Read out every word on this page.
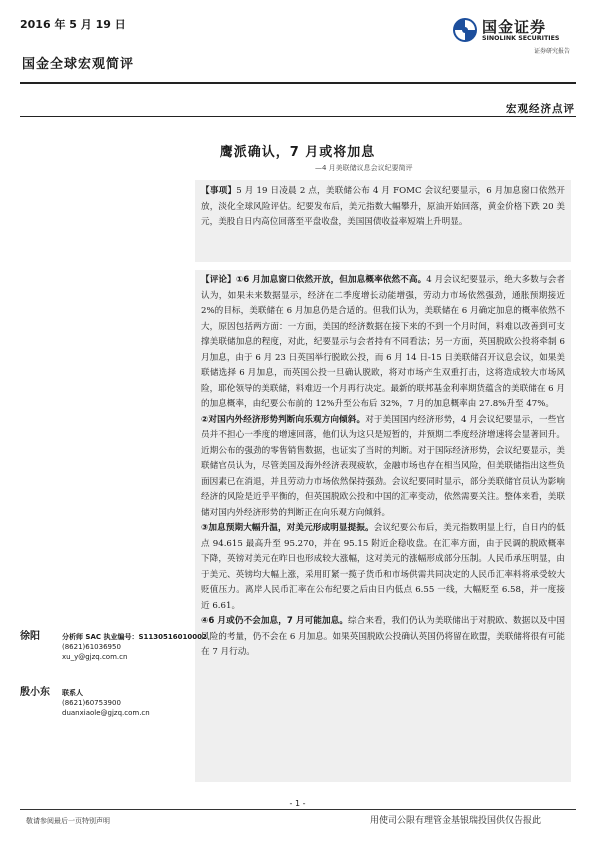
2016 年 5 月 19 日	国金证券
SINOLINK SECURITIES
证券研究报告
国金全球宏观简评
宏观经济点评
鹰派确认，7 月或将加息
—4 月美联储议息会议纪要简评

【事项】5 月 19 日凌晨 2 点，美联储公布 4 月 FOMC 会议纪要显示，6 月加息窗口依然开放，淡化全球风险评估。纪要发布后，美元指数大幅攀升，原油开始回落，黄金价格下跌 20 美元，美股自日内高位回落至平盘收盘，美国国债收益率短端上升明显。

【评论】①6 月加息窗口依然开放，但加息概率依然不高。4 月会议纪要显示，绝大多数与会者认为，如果未来数据显示，经济在二季度增长动能增强，劳动力市场依然强劲，通胀预期接近 2%的目标，美联储在 6 月加息仍是合适的。但我们认为，美联储在 6 月确定加息的概率依然不大，原因包括两方面：一方面，美国的经济数据在接下来的不到一个月时间，料难以改善到可支撑美联储加息的程度，对此，纪要显示与会者持有不同看法；另一方面，英国脱欧公投将牵制 6 月加息，由于 6 月 23 日英国举行脱欧公投，而 6 月 14 日-15 日美联储召开议息会议，如果美联储选择 6 月加息，而英国公投一旦确认脱欧，将对市场产生双重打击，这将造成较大市场风险，耶伦领导的美联储，料难迈一个月再行决定。最新的联邦基金利率期货蕴含的美联储在 6 月的加息概率，由纪要公布前的 12%升至公布后 32%，7 月的加息概率由 27.8%升至 47%。

②对国内外经济形势判断向乐观方向倾斜。对于美国国内经济形势，4 月会议纪要显示，一些官员并不担心一季度的增速回落，他们认为这只是短暂的，并预期二季度经济增速将会显著回升。近期公布的强劲的零售销售数据，也证实了当时的判断。对于国际经济形势，会议纪要显示，美联储官员认为，尽管美国及海外经济表现疲软，金融市场也存在相当风险，但美联储指出这些负面因素已在消退，并且劳动力市场依然保持强劲。会议纪要同时显示，部分美联储官员认为影响经济的风险是近乎平衡的，但英国脱欧公投和中国的汇率变动，依然需要关注。整体来看，美联储对国内外经济形势的判断正在向乐观方向倾斜。

③加息预期大幅升温，对美元形成明显提振。会议纪要公布后，美元指数明显上行，自日内的低点 94.615 最高升至 95.270，并在 95.15 附近企稳收盘。在汇率方面，由于民调的脱欧概率下降，英镑对美元在昨日也形成较大涨幅，这对美元的涨幅形成部分压制。人民币承压明显，由于美元、英镑均大幅上涨，采用盯紧一揽子货币和市场供需共同决定的人民币汇率料将承受较大贬值压力。离岸人民币汇率在公布纪要之后由日内低点 6.55 一线，大幅贬至 6.58，并一度接近 6.61。

④6 月或仍不会加息，7 月可能加息。综合来看，我们仍认为美联储出于对脱欧、数据以及中国风险的考量，仍不会在 6 月加息。如果英国脱欧公投确认英国仍将留在欧盟，美联储将很有可能在 7 月行动。

徐阳	分析师 SAC 执业编号：S1130516010002
(8621)61036950
xu_y@gjzq.com.cn
殷小东 联系人
(8621)60753900
duanxiaole@gjzq.com.cn
- 1 -
敬请参阅最后一页特别声明	用使司公限有理管金基银瑞投国供仅告报此
